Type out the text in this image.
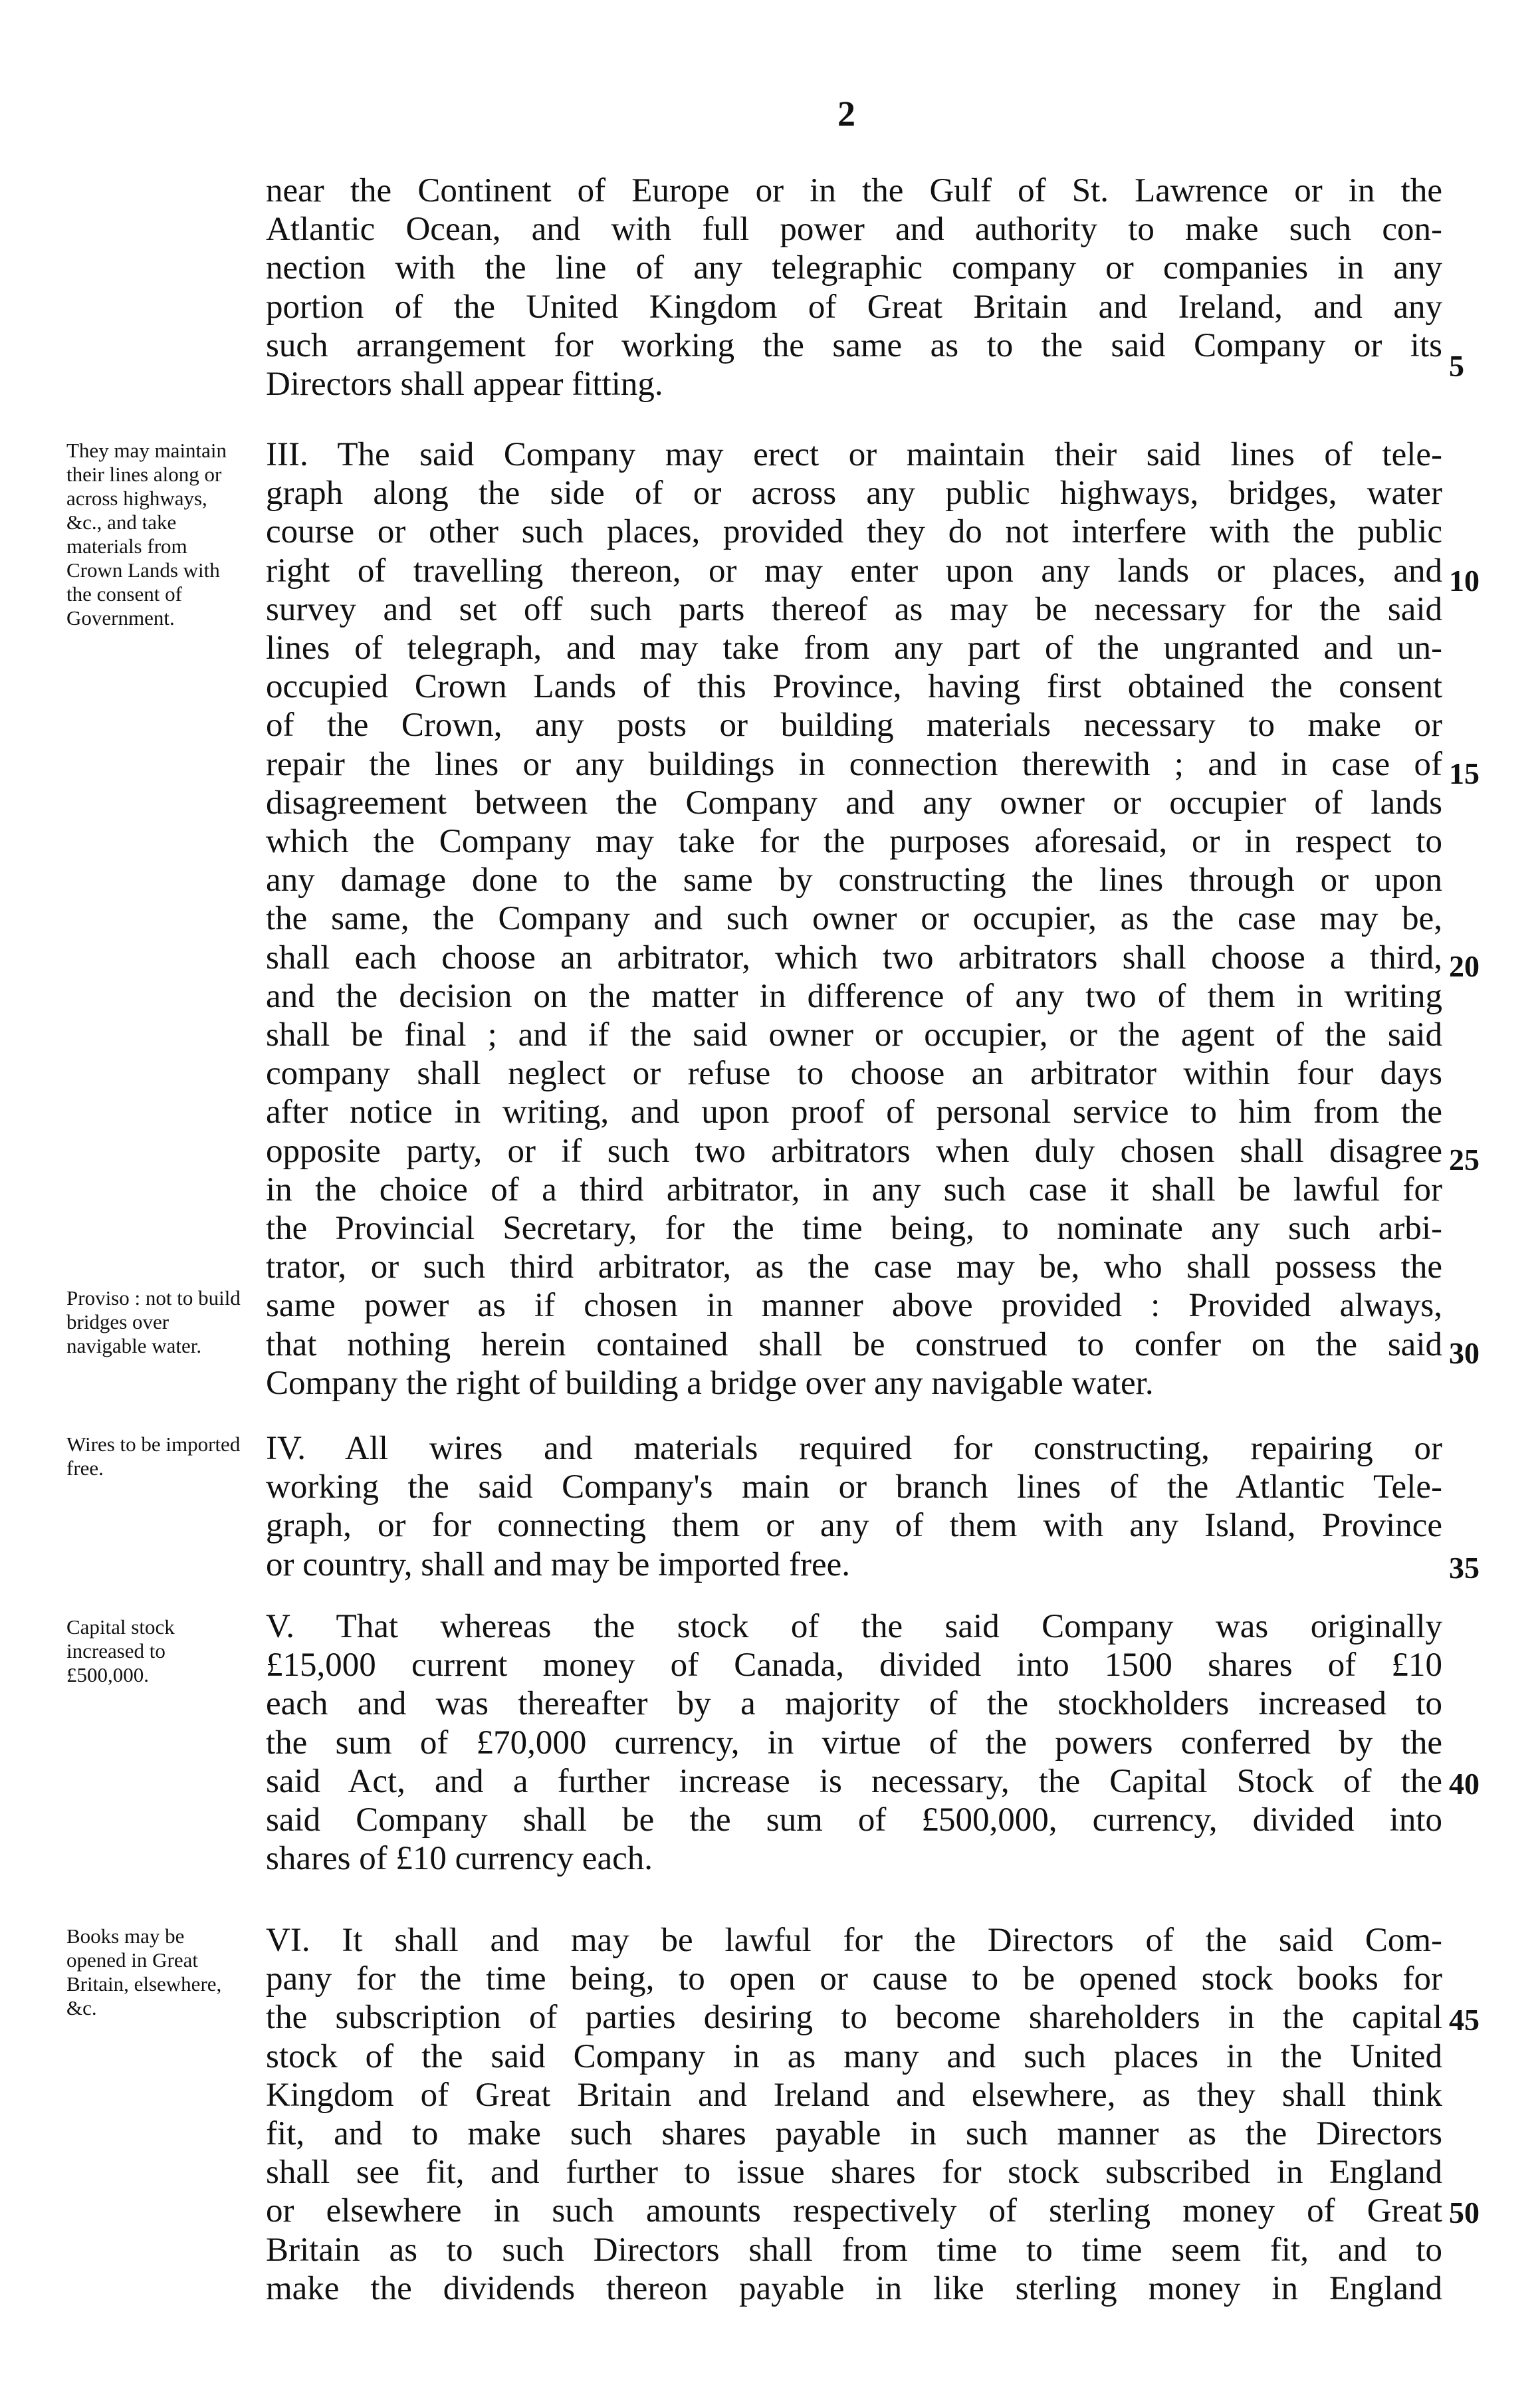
2
near the Continent of Europe or in the Gulf of St. Lawrence or in the
Atlantic Ocean, and with full power and authority to make such con-
nection with the line of any telegraphic company or companies in any
portion of the United Kingdom of Great Britain and Ireland, and any
such arrangement for working the same as to the said Company or its
Directors shall appear fitting.
III. The said Company may erect or maintain their said lines of tele-
graph along the side of or across any public highways, bridges, water
course or other such places, provided they do not interfere with the public
right of travelling thereon, or may enter upon any lands or places, and
survey and set off such parts thereof as may be necessary for the said
lines of telegraph, and may take from any part of the ungranted and un-
occupied Crown Lands of this Province, having first obtained the consent
of the Crown, any posts or building materials necessary to make or
repair the lines or any buildings in connection therewith ; and in case of
disagreement between the Company and any owner or occupier of lands
which the Company may take for the purposes aforesaid, or in respect to
any damage done to the same by constructing the lines through or upon
the same, the Company and such owner or occupier, as the case may be,
shall each choose an arbitrator, which two arbitrators shall choose a third,
and the decision on the matter in difference of any two of them in writing
shall be final ; and if the said owner or occupier, or the agent of the said
company shall neglect or refuse to choose an arbitrator within four days
after notice in writing, and upon proof of personal service to him from the
opposite party, or if such two arbitrators when duly chosen shall disagree
in the choice of a third arbitrator, in any such case it shall be lawful for
the Provincial Secretary, for the time being, to nominate any such arbi-
trator, or such third arbitrator, as the case may be, who shall possess the
same power as if chosen in manner above provided : Provided always,
that nothing herein contained shall be construed to confer on the said
Company the right of building a bridge over any navigable water.
IV. All wires and materials required for constructing, repairing or
working the said Company's main or branch lines of the Atlantic Tele-
graph, or for connecting them or any of them with any Island, Province
or country, shall and may be imported free.
V. That whereas the stock of the said Company was originally
£15,000 current money of Canada, divided into 1500 shares of £10
each and was thereafter by a majority of the stockholders increased to
the sum of £70,000 currency, in virtue of the powers conferred by the
said Act, and a further increase is necessary, the Capital Stock of the
said Company shall be the sum of £500,000, currency, divided into
shares of £10 currency each.
VI. It shall and may be lawful for the Directors of the said Com-
pany for the time being, to open or cause to be opened stock books for
the subscription of parties desiring to become shareholders in the capital
stock of the said Company in as many and such places in the United
Kingdom of Great Britain and Ireland and elsewhere, as they shall think
fit, and to make such shares payable in such manner as the Directors
shall see fit, and further to issue shares for stock subscribed in England
or elsewhere in such amounts respectively of sterling money of Great
Britain as to such Directors shall from time to time seem fit, and to
make the dividends thereon payable in like sterling money in England
They may maintain their lines along or across highways, &c., and take materials from Crown Lands with the consent of Government.
Proviso : not to build bridges over navigable water.
Wires to be imported free.
Capital stock increased to £500,000.
Books may be opened in Great Britain, elsewhere, &c.
5
10
15
20
25
30
35
40
45
50
